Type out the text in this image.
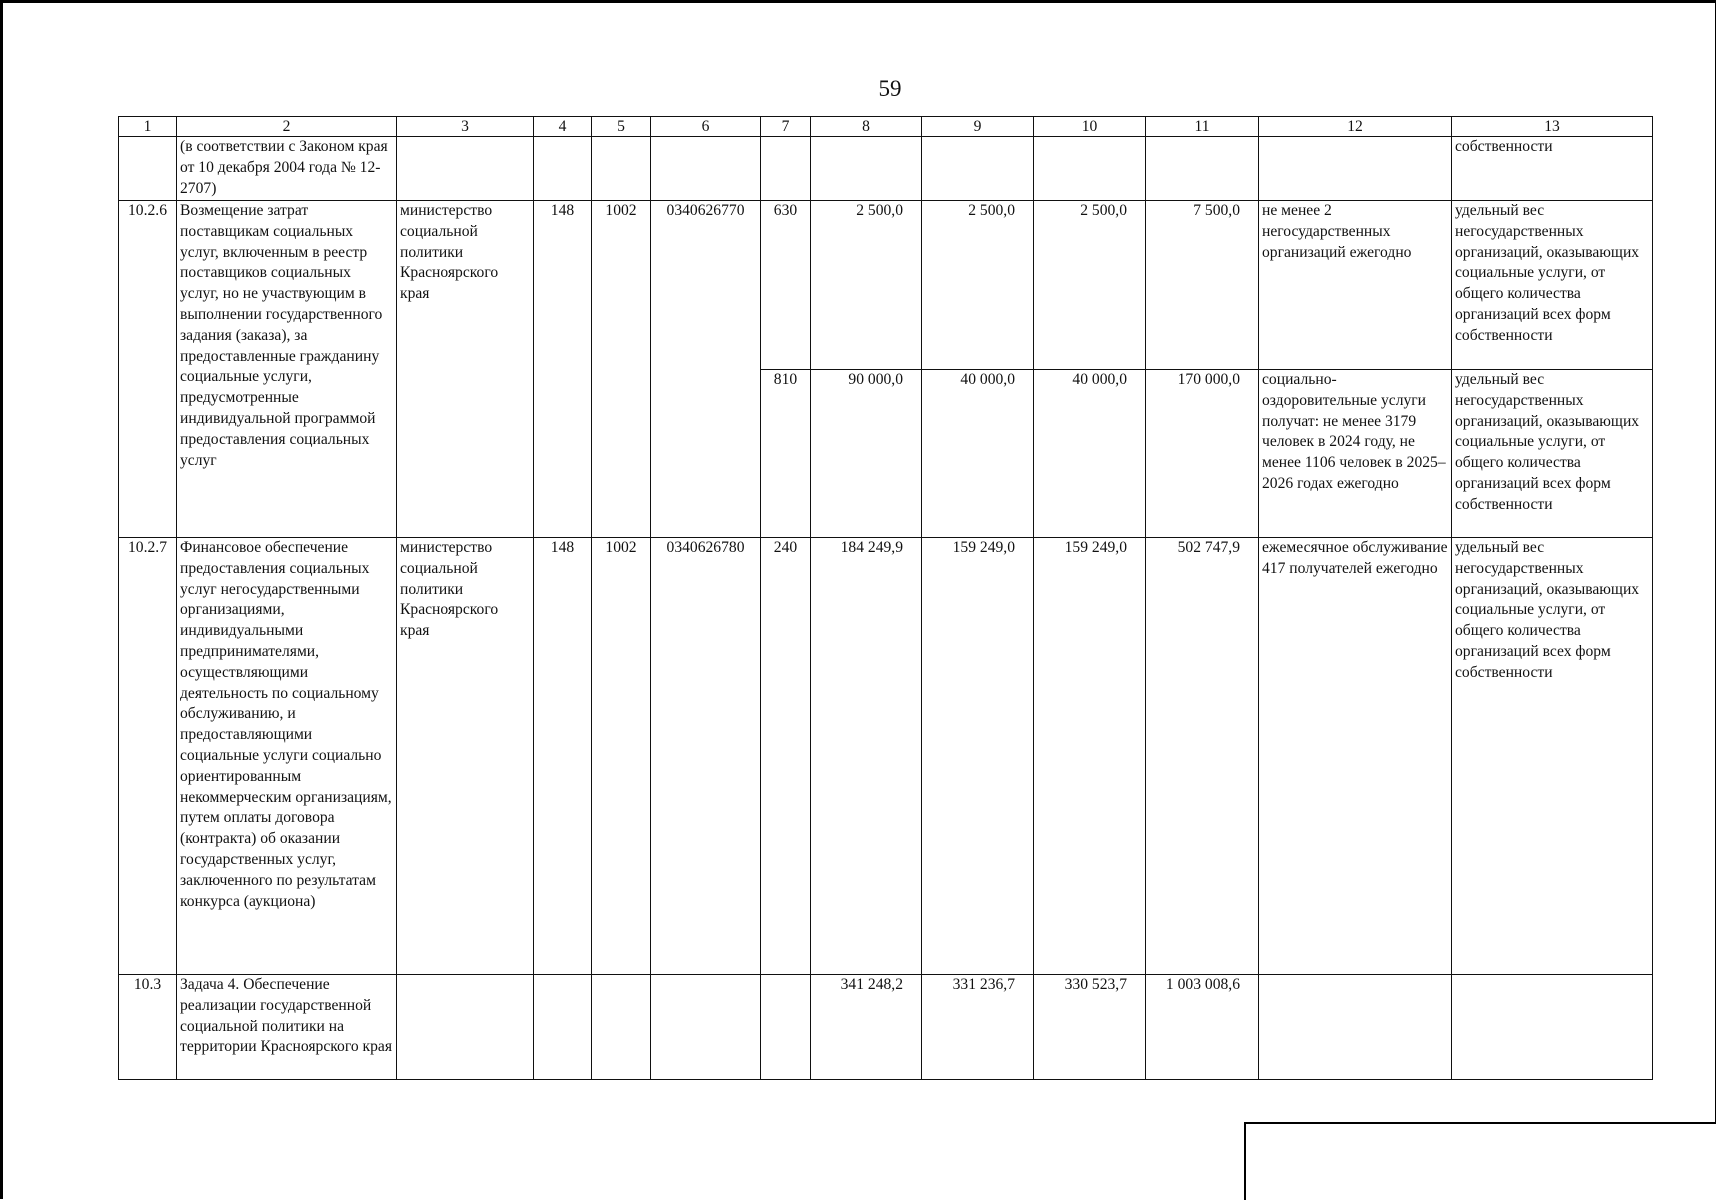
59
1	2	3	4	5	6	7	8	9	10	11	12	13
	(в соответствии с Законом края от 10 декабря 2004 года № 12-2707)											собственности
10.2.6	Возмещение затрат поставщикам социальных услуг, включенным в реестр поставщиков социальных услуг, но не участвующим в выполнении государственного задания (заказа), за предоставленные гражданину социальные услуги, предусмотренные индивидуальной программой предоставления социальных услуг	министерство социальной политики Красноярского края	148	1002	0340626770	630	2 500,0	2 500,0	2 500,0	7 500,0	не менее 2 негосударственных организаций ежегодно	удельный вес негосударственных организаций, оказывающих социальные услуги, от общего количества организаций всех форм собственности
						810	90 000,0	40 000,0	40 000,0	170 000,0	социально-оздоровительные услуги получат: не менее 3179 человек в 2024 году, не менее 1106 человек в 2025–2026 годах ежегодно	удельный вес негосударственных организаций, оказывающих социальные услуги, от общего количества организаций всех форм собственности
10.2.7	Финансовое обеспечение предоставления социальных услуг негосударственными организациями, индивидуальными предпринимателями, осуществляющими деятельность по социальному обслуживанию, и предоставляющими социальные услуги социально ориентированным некоммерческим организациям, путем оплаты договора (контракта) об оказании государственных услуг, заключенного по результатам конкурса (аукциона)	министерство социальной политики Красноярского края	148	1002	0340626780	240	184 249,9	159 249,0	159 249,0	502 747,9	ежемесячное обслуживание 417 получателей ежегодно	удельный вес негосударственных организаций, оказывающих социальные услуги, от общего количества организаций всех форм собственности
10.3	Задача 4. Обеспечение реализации государственной социальной политики на территории Красноярского края						341 248,2	331 236,7	330 523,7	1 003 008,6		
